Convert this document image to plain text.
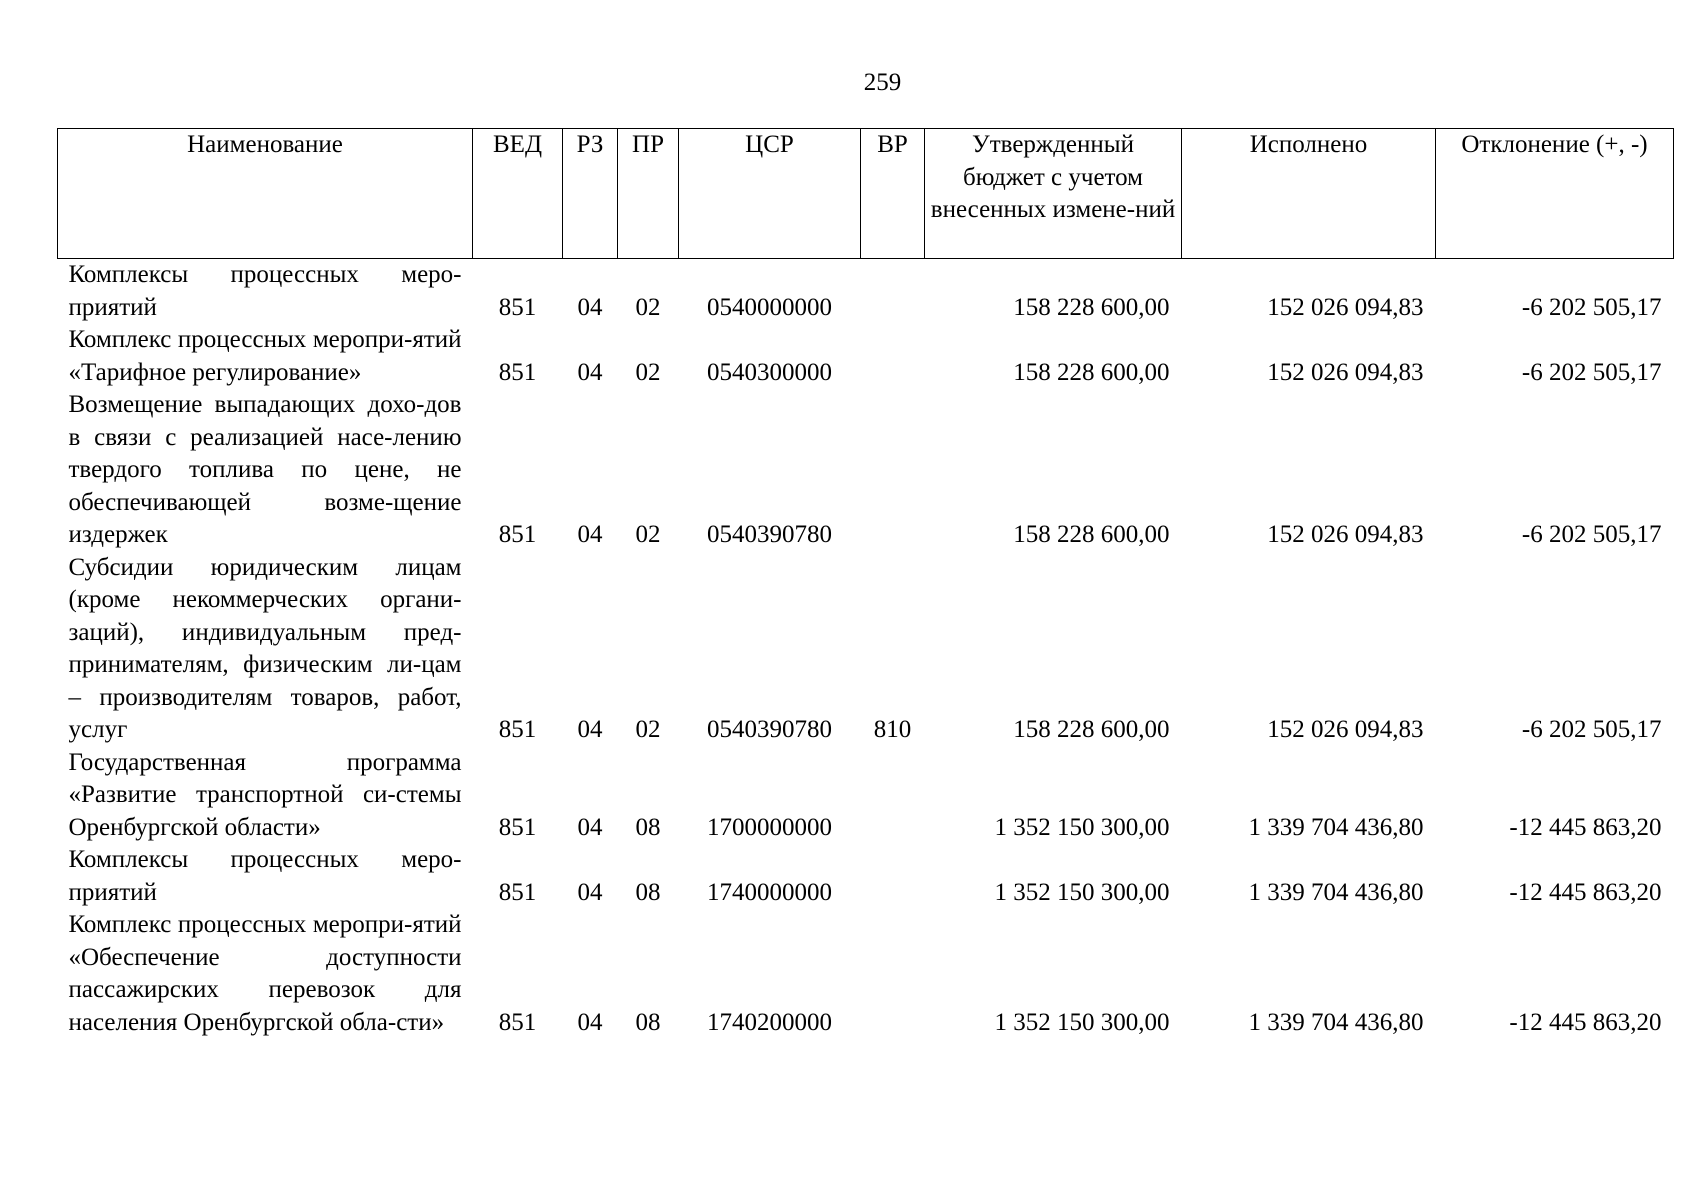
259
Наименование	ВЕД	РЗ	ПР	ЦСР	ВР	Утвержденный бюджет с учетом внесенных измене-ний	Исполнено	Отклонение (+, -)
Комплексы процессных меро-приятий	851	04	02	0540000000		158 228 600,00	152 026 094,83	-6 202 505,17
Комплекс процессных меропри-ятий «Тарифное регулирование»	851	04	02	0540300000		158 228 600,00	152 026 094,83	-6 202 505,17
Возмещение выпадающих дохо-дов в связи с реализацией насе-лению твердого топлива по цене, не обеспечивающей возме-щение издержек	851	04	02	0540390780		158 228 600,00	152 026 094,83	-6 202 505,17
Субсидии юридическим лицам (кроме некоммерческих органи-заций), индивидуальным пред-принимателям, физическим ли-цам – производителям товаров, работ, услуг	851	04	02	0540390780	810	158 228 600,00	152 026 094,83	-6 202 505,17
Государственная программа «Развитие транспортной си-стемы Оренбургской области»	851	04	08	1700000000		1 352 150 300,00	1 339 704 436,80	-12 445 863,20
Комплексы процессных меро-приятий	851	04	08	1740000000		1 352 150 300,00	1 339 704 436,80	-12 445 863,20
Комплекс процессных меропри-ятий «Обеспечение доступности пассажирских перевозок для населения Оренбургской обла-сти»	851	04	08	1740200000		1 352 150 300,00	1 339 704 436,80	-12 445 863,20
